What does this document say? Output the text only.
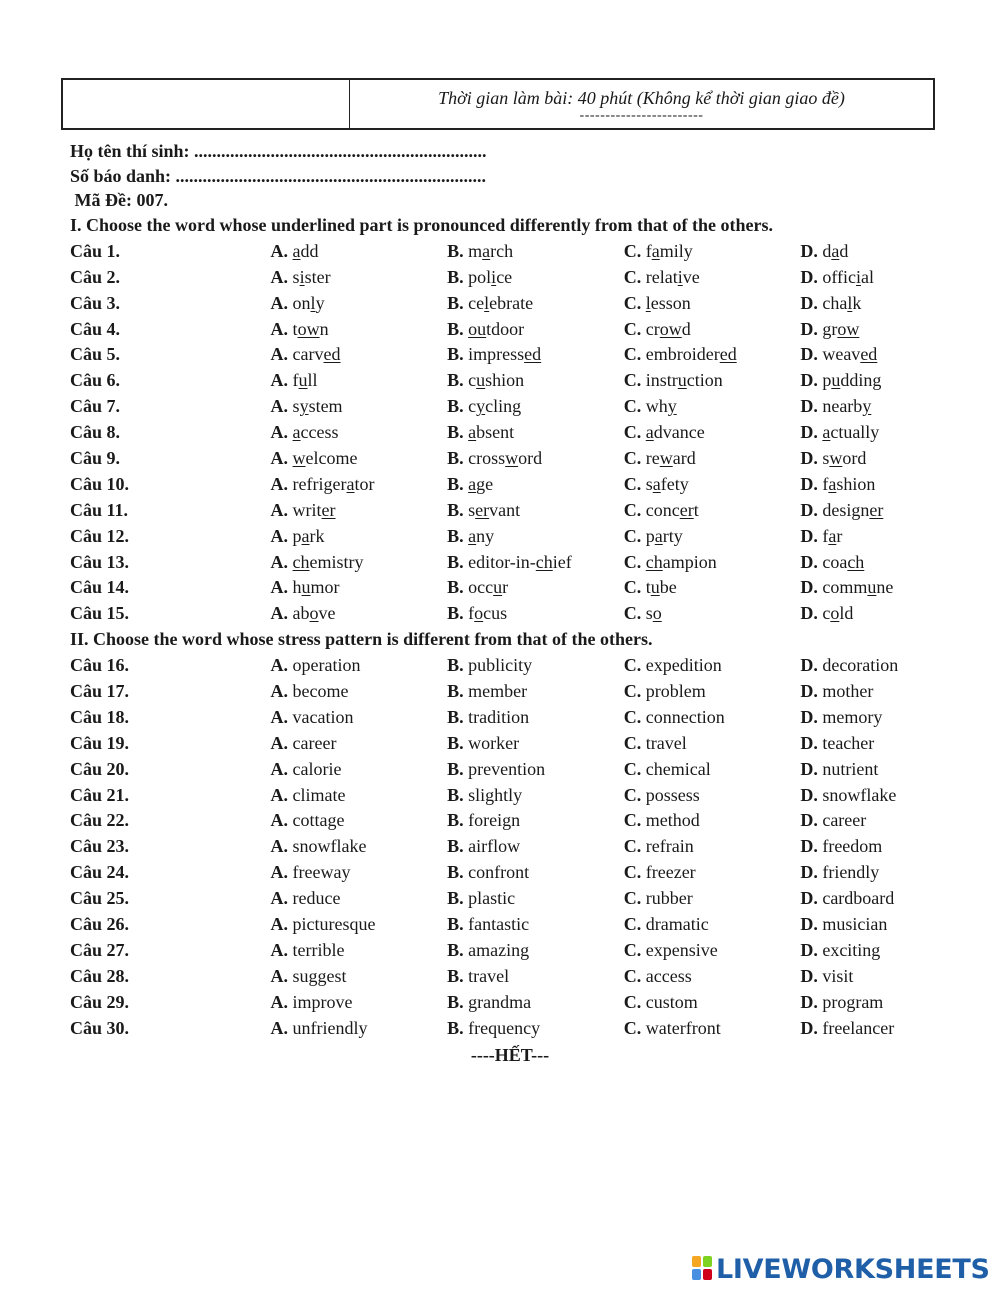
Thời gian làm bài: 40 phút (Không kể thời gian giao đề)
------------------------
Họ tên thí sinh: .................................................................
Số báo danh: .....................................................................
Mã Đề: 007.
I. Choose the word whose underlined part is pronounced differently from that of the others.
Câu 1.	A. add	B. march	C. family	D. dad
Câu 2.	A. sister	B. police	C. relative	D. official
Câu 3.	A. only	B. celebrate	C. lesson	D. chalk
Câu 4.	A. town	B. outdoor	C. crowd	D. grow
Câu 5.	A. carved	B. impressed	C. embroidered	D. weaved
Câu 6.	A. full	B. cushion	C. instruction	D. pudding
Câu 7.	A. system	B. cycling	C. why	D. nearby
Câu 8.	A. access	B. absent	C. advance	D. actually
Câu 9.	A. welcome	B. crossword	C. reward	D. sword
Câu 10.	A. refrigerator	B. age	C. safety	D. fashion
Câu 11.	A. writer	B. servant	C. concert	D. designer
Câu 12.	A. park	B. any	C. party	D. far
Câu 13.	A. chemistry	B. editor-in-chief	C. champion	D. coach
Câu 14.	A. humor	B. occur	C. tube	D. commune
Câu 15.	A. above	B. focus	C. so	D. cold
II. Choose the word whose stress pattern is different from that of the others.
Câu 16.	A. operation	B. publicity	C. expedition	D. decoration
Câu 17.	A. become	B. member	C. problem	D. mother
Câu 18.	A. vacation	B. tradition	C. connection	D. memory
Câu 19.	A. career	B. worker	C. travel	D. teacher
Câu 20.	A. calorie	B. prevention	C. chemical	D. nutrient
Câu 21.	A. climate	B. slightly	C. possess	D. snowflake
Câu 22.	A. cottage	B. foreign	C. method	D. career
Câu 23.	A. snowflake	B. airflow	C. refrain	D. freedom
Câu 24.	A. freeway	B. confront	C. freezer	D. friendly
Câu 25.	A. reduce	B. plastic	C. rubber	D. cardboard
Câu 26.	A. picturesque	B. fantastic	C. dramatic	D. musician
Câu 27.	A. terrible	B. amazing	C. expensive	D. exciting
Câu 28.	A. suggest	B. travel	C. access	D. visit
Câu 29.	A. improve	B. grandma	C. custom	D. program
Câu 30.	A. unfriendly	B. frequency	C. waterfront	D. freelancer
----HẾT---
LIVEWORKSHEETS
